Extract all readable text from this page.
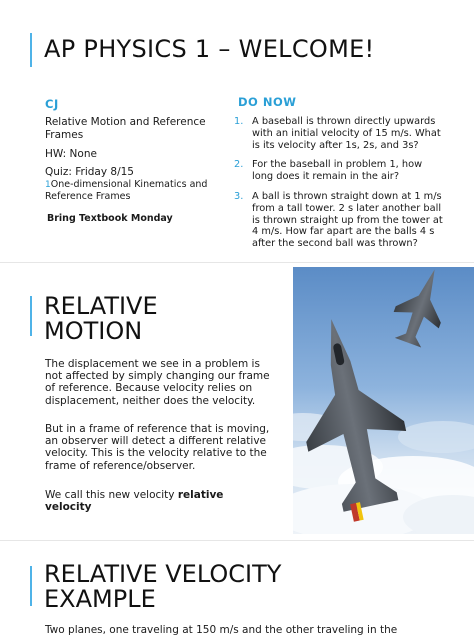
AP PHYSICS 1 – WELCOME!
CJ
Relative Motion and Reference Frames
HW: None
Quiz: Friday 8/15
1One-dimensional Kinematics and Reference Frames
Bring Textbook Monday
DO NOW
1. A baseball is thrown directly upwards with an initial velocity of 15 m/s. What is its velocity after 1s, 2s, and 3s?
2. For the baseball in problem 1, how long does it remain in the air?
3. A ball is thrown straight down at 1 m/s from a tall tower. 2 s later another ball is thrown straight up from the tower at 4 m/s. How far apart are the balls 4 s after the second ball was thrown?
RELATIVE
MOTION

The displacement we see in a problem is not affected by simply changing our frame of reference. Because velocity relies on displacement, neither does the velocity.

But in a frame of reference that is moving, an observer will detect a different relative velocity. This is the velocity relative to the frame of reference/observer.

We call this new velocity relative velocity

RELATIVE VELOCITY
EXAMPLE
Two planes, one traveling at 150 m/s and the other traveling in the
